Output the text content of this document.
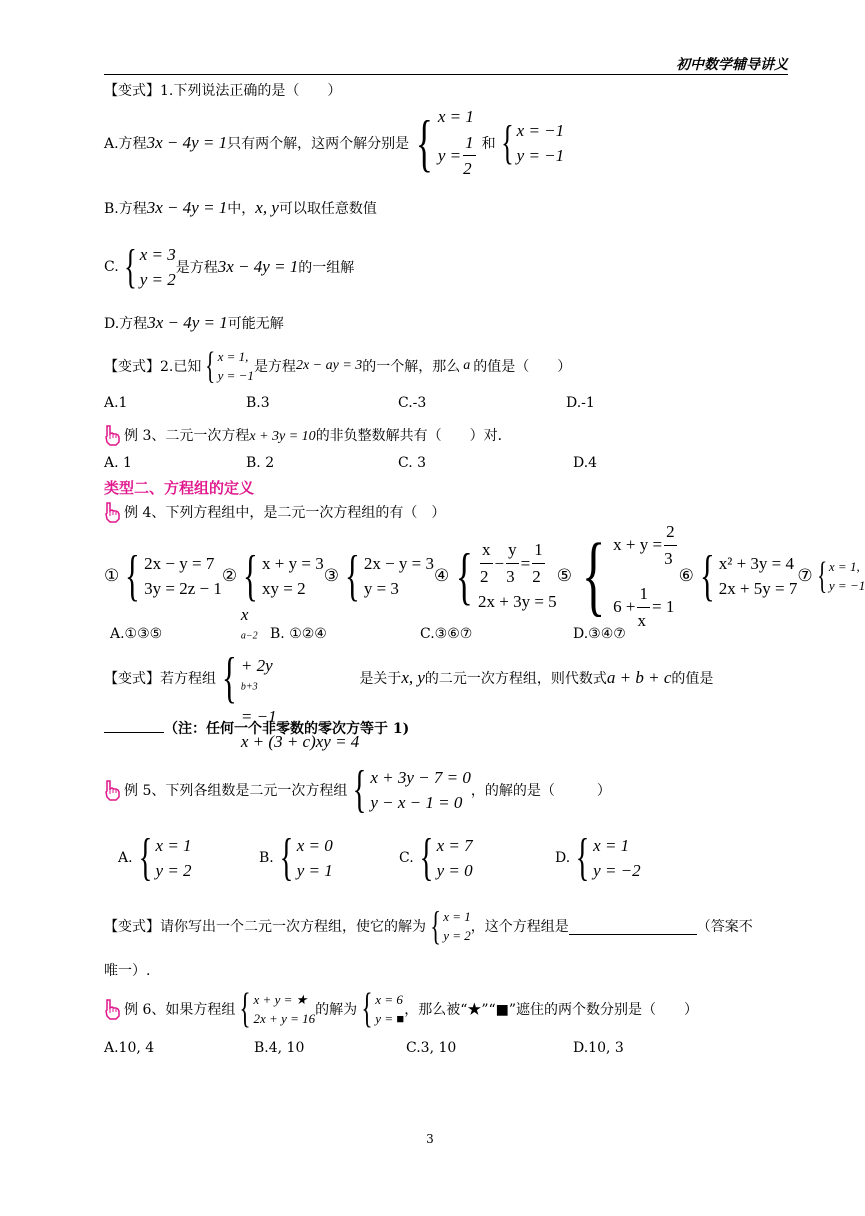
初中数学辅导讲义
【变式】1.下列说法正确的是（　　）
A.方程 3x − 4y = 1 只有两个解，这两个解分别是 { x = 1
$y = \frac{1}{2}$ 和 { x = −1
y = −1
B.方程3x − 4y = 1中，x, y可以取任意数值
C. { x = 3
y = 2
是方程 3x − 4y = 1 的一组解
D.方程3x − 4y = 1可能无解
【变式】2.已知 { x = 1,
y = −1
是方程 2x − ay = 3 的一个解，那么 a 的值是（　　）
A.1	B.3	C.-3	D.-1
例 3、二元一次方程x + 3y = 10的非负整数解共有（　　）对．
A. 1	B. 2	C. 3	D.4
类型二、方程组的定义
例 4、下列方程组中，是二元一次方程组的有（　）
① { 2x − y = 7
3y = 2z − 1
② { x + y = 3
xy = 2
③ { 2x − y = 3
y = 3
④ { $\frac{x}{2} - \frac{y}{3} = \frac{1}{2}$
2x + 3y = 5
⑤ { $x + y = \frac{2}{3}$
$6 + \frac{1}{x} = 1$
⑥ { x² + 3y = 4
2x + 5y = 7
⑦ { x = 1,
y = −1
A.①③⑤	B. ①②④	C.③⑥⑦	D.③④⑦
【变式】若方程组 {
x
$^{a-2}$
+ 2y
$^{b+3}$
= −1
x + (3 + c)xy = 4
是关于 x, y 的二元一次方程组，则代数式 a + b + c 的值是
（注：任何一个非零数的零次方等于 1)
例 5、下列各组数是二元一次方程组 { x + 3y − 7 = 0
y − x − 1 = 0
，的解的是（　　　）
A. { x = 1
y = 2
B. { x = 0
y = 1
C. { x = 7
y = 0
D. { x = 1
y = −2
【变式】请你写出一个二元一次方程组，使它的解为 { x = 1
y = 2
，这个方程组是	（答案不
唯一）.
例 6、如果方程组 { x + y = ★
2x + y = 16
的解为 { x = 6
y = ■
，那么被“★”“■”遮住的两个数分别是（　　）
A.10, 4	B.4, 10	C.3, 10	D.10, 3
3
